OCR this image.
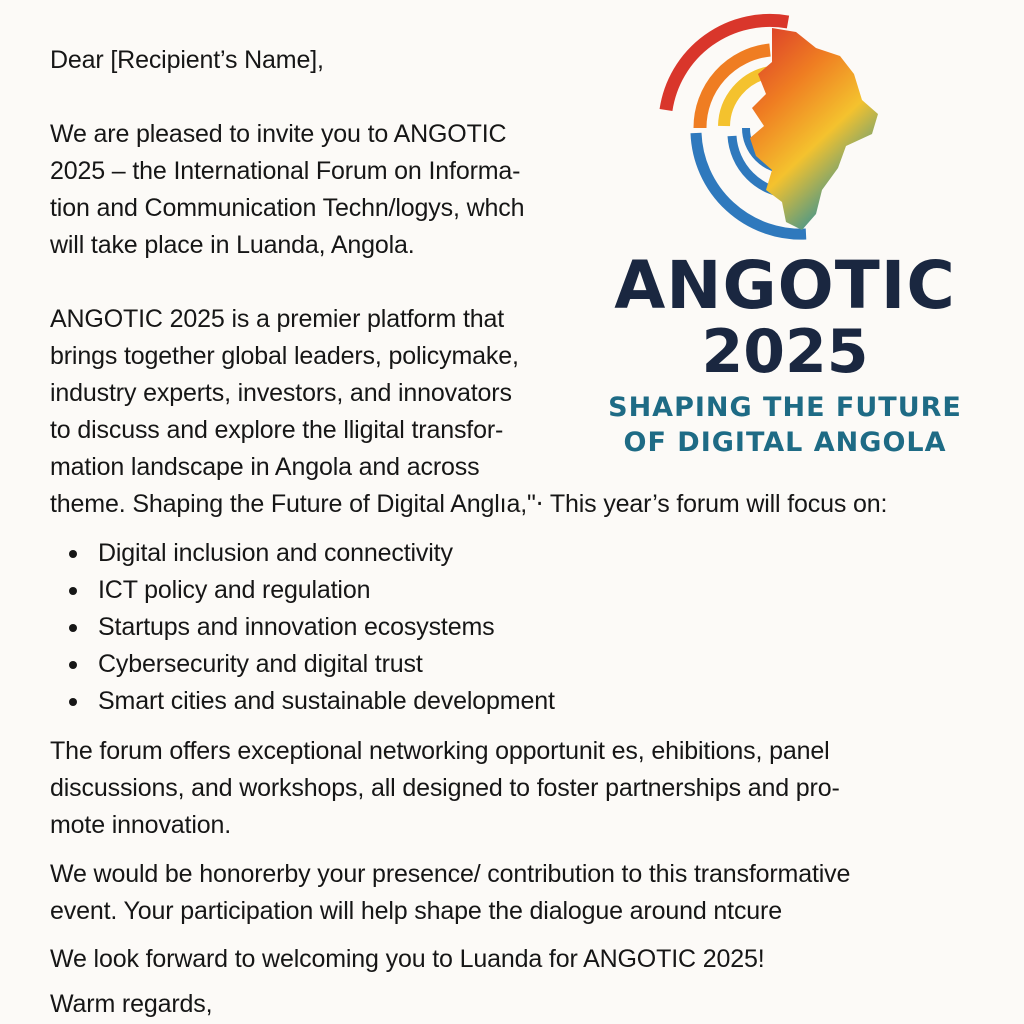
Dear [Recipient’s Name],

We are pleased to invite you to ANGOTIC

2025 – the International Forum on Informa-

tion and Communication Techn/logys, whch

will take place in Luanda, Angola.

ANGOTIC 2025 is a premier platform that

brings together global leaders, policymake,

industry experts, investors, and innovators

to discuss and explore the lligital transfor-

mation landscape in Angola and across

theme. Shaping the Future of Digital Anglıa,"⋅ This year’s forum will focus on:

Digital inclusion and connectivity
ICT policy and regulation
Startups and innovation ecosystems
Cybersecurity and digital trust
Smart cities and sustainable development

The forum offers exceptional networking opportunit es, ehibitions, panel

discussions, and workshops, all designed to foster partnerships and pro-

mote innovation.

We would be honorerby your presence/ contribution to this transformative

event. Your participation will help shape the dialogue around ntcure

We look forward to welcoming you to Luanda for ANGOTIC 2025!

Warm regards,

ANGOTIC

2025

SHAPING THE FUTURE

OF DIGITAL ANGOLA
